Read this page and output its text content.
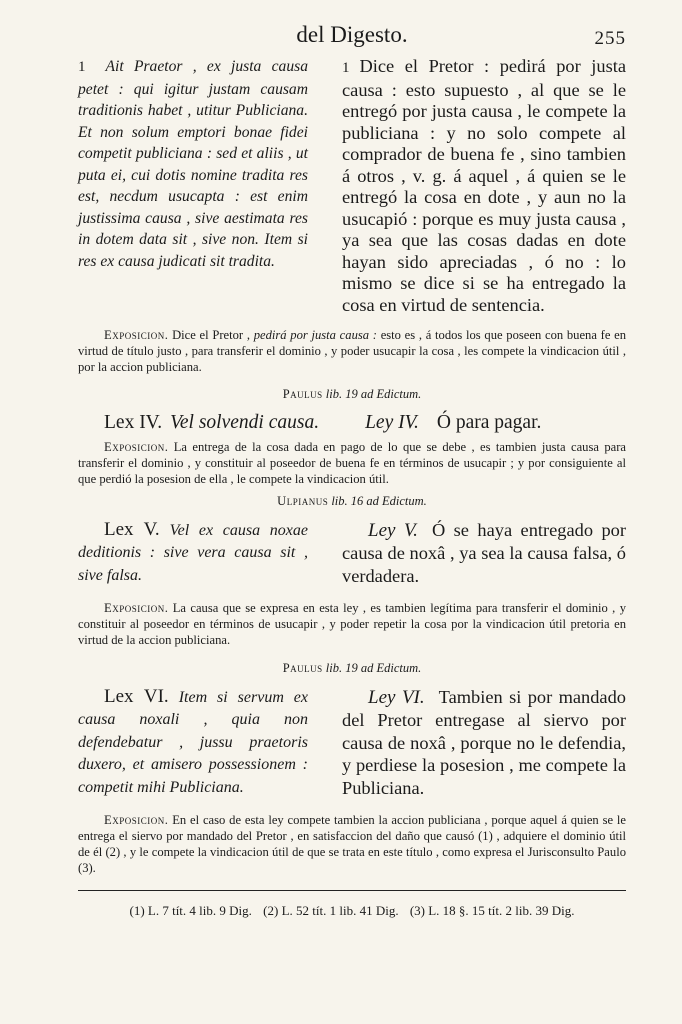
del Digesto.	255
1 Ait Praetor , ex justa causa petet : qui igitur justam causam traditionis habet , utitur Publiciana. Et non solum emptori bonae fidei competit publiciana : sed et aliis , ut puta ei, cui dotis nomine tradita res est, necdum usucapta : est enim justissima causa , sive aestimata res in dotem data sit , sive non. Item si res ex causa judicati sit tradita.
1 Dice el Pretor : pedirá por justa causa : esto supuesto , al que se le entregó por justa causa , le compete la publiciana : y no solo compete al comprador de buena fe , sino tambien á otros , v. g. á aquel , á quien se le entregó la cosa en dote , y aun no la usucapió : porque es muy justa causa , ya sea que las cosas dadas en dote hayan sido apreciadas , ó no : lo mismo se dice si se ha entregado la cosa en virtud de sentencia.

Exposicion. Dice el Pretor , pedirá por justa causa : esto es , á todos los que poseen con buena fe en virtud de título justo , para transferir el dominio , y poder usucapir la cosa , les compete la vindicacion útil , por la accion publiciana.

Paulus lib. 19 ad Edictum.
Lex IV. Vel solvendi causa. Ley IV. Ó para pagar.

Exposicion. La entrega de la cosa dada en pago de lo que se debe , es tambien justa causa para transferir el dominio , y constituir al poseedor de buena fe en términos de usucapir ; y por consiguiente al que perdió la posesion de ella , le compete la vindicacion útil.

Ulpianus lib. 16 ad Edictum.
Lex V. Vel ex causa noxae deditionis : sive vera causa sit , sive falsa.
Ley V. Ó se haya entregado por causa de noxâ , ya sea la causa falsa, ó verdadera.

Exposicion. La causa que se expresa en esta ley , es tambien legítima para transferir el dominio , y constituir al poseedor en términos de usucapir , y poder repetir la cosa por la vindicacion útil pretoria en virtud de la accion publiciana.

Paulus lib. 19 ad Edictum.
Lex VI. Item si servum ex causa noxali , quia non defendebatur , jussu praetoris duxero, et amisero possessionem : competit mihi Publiciana.
Ley VI. Tambien si por mandado del Pretor entregase al siervo por causa de noxâ , porque no le defendia, y perdiese la posesion , me compete la Publiciana.

Exposicion. En el caso de esta ley compete tambien la accion publiciana , porque aquel á quien se le entrega el siervo por mandado del Pretor , en satisfaccion del daño que causó (1) , adquiere el dominio útil de él (2) , y le compete la vindicacion útil de que se trata en este título , como expresa el Jurisconsulto Paulo (3).

(1) L. 7 tít. 4 lib. 9 Dig. (2) L. 52 tít. 1 lib. 41 Dig. (3) L. 18 §. 15 tít. 2 lib. 39 Dig.
